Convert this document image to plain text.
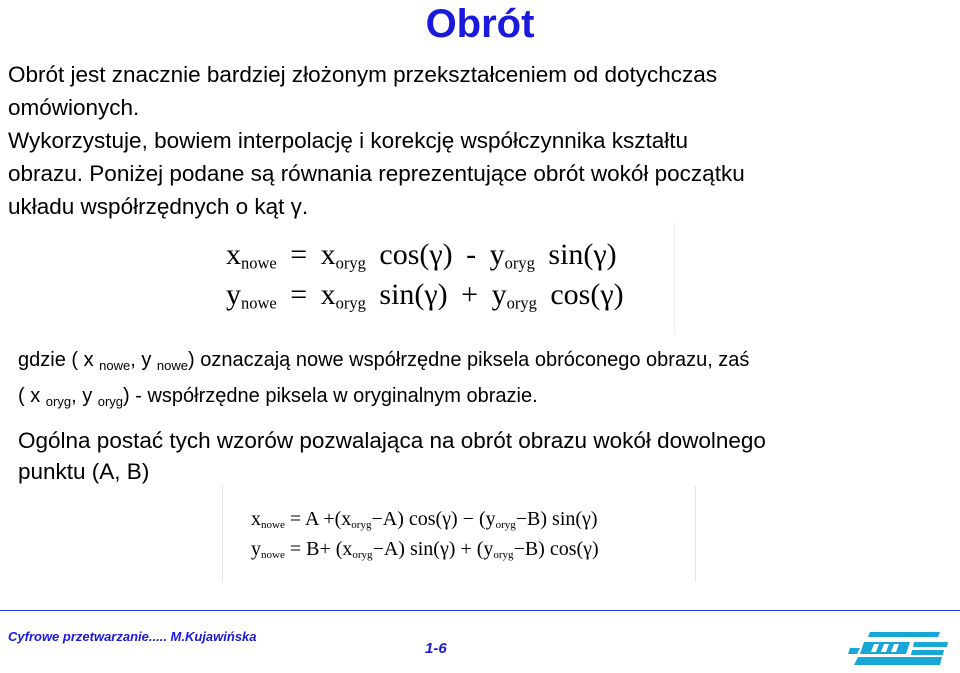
Obrót

Obrót jest znacznie bardziej złożonym przekształceniem od dotychczas
omówionych.
Wykorzystuje, bowiem interpolację i korekcję współczynnika kształtu
obrazu. Poniżej podane są równania reprezentujące obrót wokół początku
układu współrzędnych o kąt γ.

$x_{nowe} = x_{oryg}$ $\cos(\gamma) - y_{oryg}$ sin(γ)
$y_{nowe} = x_{oryg}$ $\sin(\gamma) + y_{oryg}$ cos(γ)

gdzie ( x $_{nowe}$, y $_{nowe}$) oznaczają nowe współrzędne piksela obróconego obrazu, zaś
( x $_{oryg}$, y $_{oryg}$) - współrzędne piksela w oryginalnym obrazie.

Ogólna postać tych wzorów pozwalająca na obrót obrazu wokół dowolnego
punktu (A, B)

$x_{nowe} = A +(x_{oryg}-A) \cos(\gamma) - (y_{oryg}-B)$ sin(γ)
$y_{nowe} = B+ (x_{oryg}-A) \sin(\gamma) + (y_{oryg}-B)$ cos(γ)
Cyfrowe przetwarzanie..... M.Kujawińska
1-6
